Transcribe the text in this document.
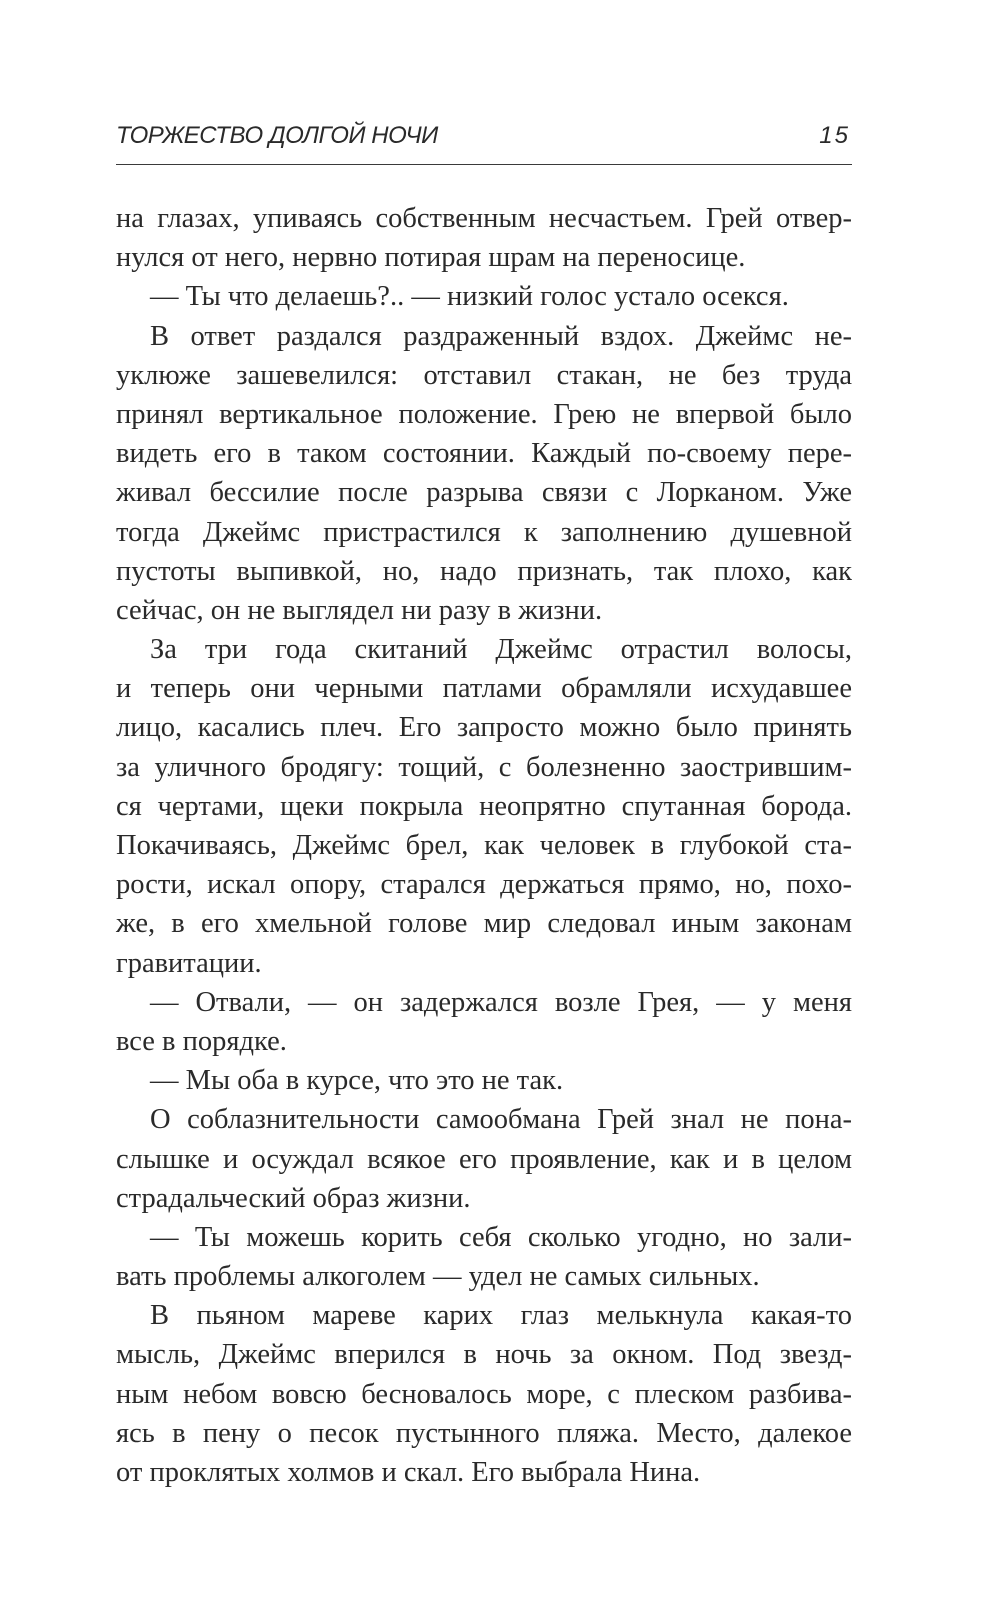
ТОРЖЕСТВО ДОЛГОЙ НОЧИ	15
на глазах, упиваясь собственным несчастьем. Грей отвер-
нулся от него, нервно потирая шрам на переносице.
— Ты что делаешь?.. — низкий голос устало осекся.
В ответ раздался раздраженный вздох. Джеймс не-
уклюже зашевелился: отставил стакан, не без труда
принял вертикальное положение. Грею не впервой было
видеть его в таком состоянии. Каждый по-своему пере-
живал бессилие после разрыва связи с Лорканом. Уже
тогда Джеймс пристрастился к заполнению душевной
пустоты выпивкой, но, надо признать, так плохо, как
сейчас, он не выглядел ни разу в жизни.
За три года скитаний Джеймс отрастил волосы,
и теперь они черными патлами обрамляли исхудавшее
лицо, касались плеч. Его запросто можно было принять
за уличного бродягу: тощий, с болезненно заострившим-
ся чертами, щеки покрыла неопрятно спутанная борода.
Покачиваясь, Джеймс брел, как человек в глубокой ста-
рости, искал опору, старался держаться прямо, но, похо-
же, в его хмельной голове мир следовал иным законам
гравитации.
— Отвали, — он задержался возле Грея, — у меня
все в порядке.
— Мы оба в курсе, что это не так.
О соблазнительности самообмана Грей знал не пона-
слышке и осуждал всякое его проявление, как и в целом
страдальческий образ жизни.
— Ты можешь корить себя сколько угодно, но зали-
вать проблемы алкоголем — удел не самых сильных.
В пьяном мареве карих глаз мелькнула какая-то
мысль, Джеймс вперился в ночь за окном. Под звезд-
ным небом вовсю бесновалось море, с плеском разбива-
ясь в пену о песок пустынного пляжа. Место, далекое
от проклятых холмов и скал. Его выбрала Нина.
